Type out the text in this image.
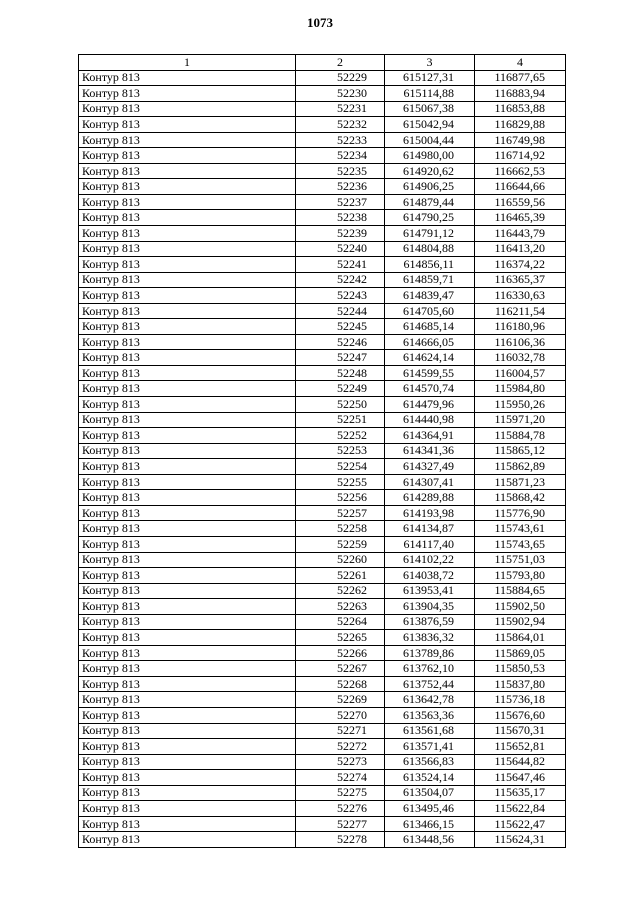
1073
1	2	3	4
Контур 813	52229	615127,31	116877,65
Контур 813	52230	615114,88	116883,94
Контур 813	52231	615067,38	116853,88
Контур 813	52232	615042,94	116829,88
Контур 813	52233	615004,44	116749,98
Контур 813	52234	614980,00	116714,92
Контур 813	52235	614920,62	116662,53
Контур 813	52236	614906,25	116644,66
Контур 813	52237	614879,44	116559,56
Контур 813	52238	614790,25	116465,39
Контур 813	52239	614791,12	116443,79
Контур 813	52240	614804,88	116413,20
Контур 813	52241	614856,11	116374,22
Контур 813	52242	614859,71	116365,37
Контур 813	52243	614839,47	116330,63
Контур 813	52244	614705,60	116211,54
Контур 813	52245	614685,14	116180,96
Контур 813	52246	614666,05	116106,36
Контур 813	52247	614624,14	116032,78
Контур 813	52248	614599,55	116004,57
Контур 813	52249	614570,74	115984,80
Контур 813	52250	614479,96	115950,26
Контур 813	52251	614440,98	115971,20
Контур 813	52252	614364,91	115884,78
Контур 813	52253	614341,36	115865,12
Контур 813	52254	614327,49	115862,89
Контур 813	52255	614307,41	115871,23
Контур 813	52256	614289,88	115868,42
Контур 813	52257	614193,98	115776,90
Контур 813	52258	614134,87	115743,61
Контур 813	52259	614117,40	115743,65
Контур 813	52260	614102,22	115751,03
Контур 813	52261	614038,72	115793,80
Контур 813	52262	613953,41	115884,65
Контур 813	52263	613904,35	115902,50
Контур 813	52264	613876,59	115902,94
Контур 813	52265	613836,32	115864,01
Контур 813	52266	613789,86	115869,05
Контур 813	52267	613762,10	115850,53
Контур 813	52268	613752,44	115837,80
Контур 813	52269	613642,78	115736,18
Контур 813	52270	613563,36	115676,60
Контур 813	52271	613561,68	115670,31
Контур 813	52272	613571,41	115652,81
Контур 813	52273	613566,83	115644,82
Контур 813	52274	613524,14	115647,46
Контур 813	52275	613504,07	115635,17
Контур 813	52276	613495,46	115622,84
Контур 813	52277	613466,15	115622,47
Контур 813	52278	613448,56	115624,31
